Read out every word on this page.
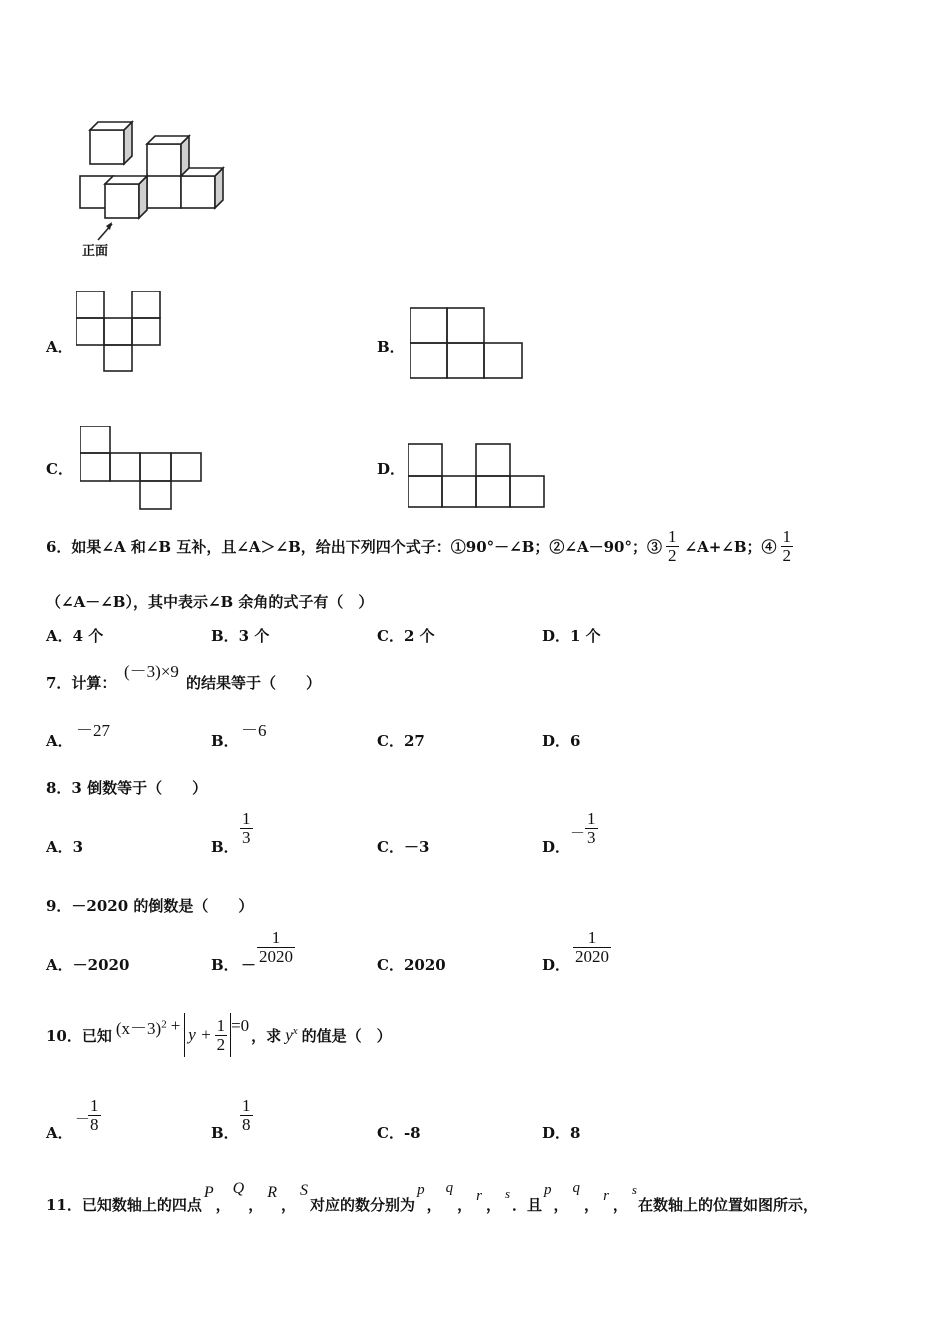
正面
A．	B．
C．	D．
6．如果∠A 和∠B 互补，且∠A＞∠B，给出下列四个式子：①90°－∠B；②∠A－90°；③ $\frac{1}{2}$ ∠A+∠B；④ $\frac{1}{2}$
（∠A－∠B），其中表示∠B 余角的式子有（　）
A．4 个	B．3 个	C．2 个	D．1 个
7．计算：
(－3)×9
的结果等于（　　）
A．
－27
B．
－6
C．27	D．6
8．3 倒数等于（　　）
A．3	B．
$\frac{1}{3}$
C．－3	D．
－ $\frac{1}{3}$
9．－2020 的倒数是（　　）
A．－2020	B． － $\frac{1}{2020}$	C．2020	D． $\frac{1}{2020}$
10．已知 $(x-3)^2 + y + \frac{1}{2} =0$
，求 $y^x$ 的值是（　）
A．
－
$\frac{1}{8}$	B． $\frac{1}{8}$	C．-8	D．8
11．已知数轴上的四点
P
，
Q
，
R
，
S
对应的数分别为
p
，
q
， r ，
s
．且
p
，
q
， r ，
s
在数轴上的位置如图所示，
